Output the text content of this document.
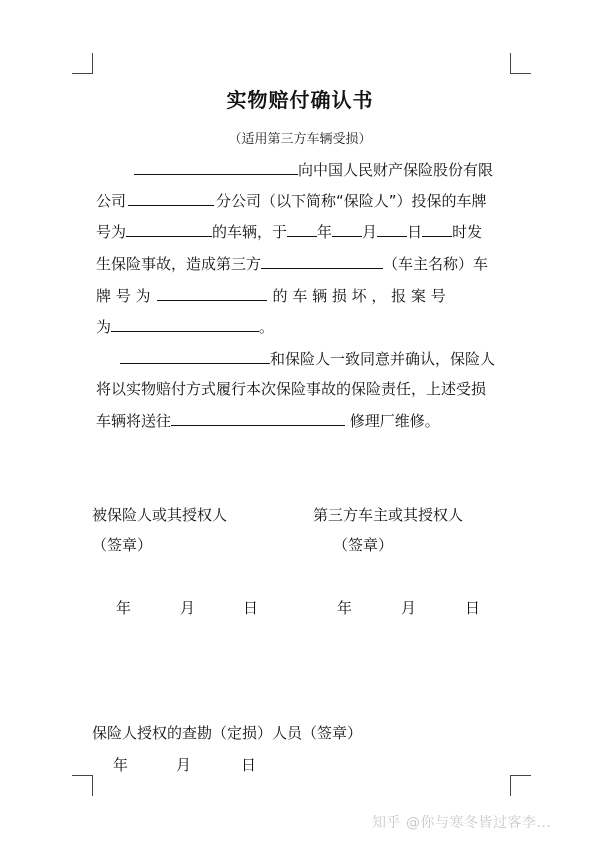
实物赔付确认书
（适用第三方车辆受损）
向中国人民财产保险股份有限
公司	分公司（以下简称“保险人”）投保的车牌
号为	的车辆，于 年 月 日 时发
生保险事故，造成第三方	（车主名称）车
牌 号 为	的 车 辆 损 坏 ， 报 案 号
为	。
和保险人一致同意并确认，保险人
将以实物赔付方式履行本次保险事故的保险责任，上述受损
车辆将送往	修理厂维修。
被保险人或其授权人
（签章）
第三方车主或其授权人
（签章）
年	月	日	年	月	日
保险人授权的查勘（定损）人员（签章）
年	月	日
知乎 @你与寒冬皆过客李...
